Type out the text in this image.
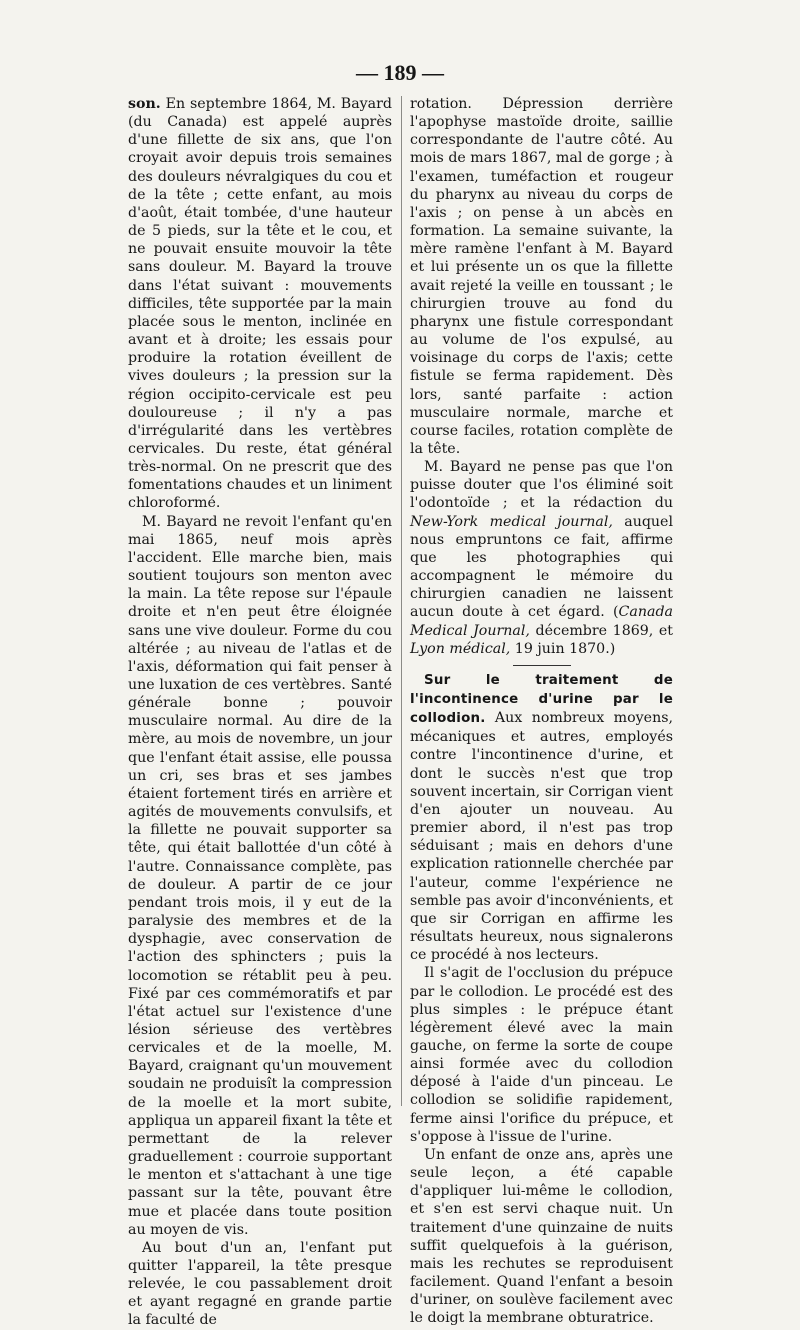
— 189 —

son. En septembre 1864, M. Bayard (du Canada) est appelé auprès d'une fillette de six ans, que l'on croyait avoir depuis trois semaines des douleurs névralgiques du cou et de la tête ; cette enfant, au mois d'août, était tombée, d'une hauteur de 5 pieds, sur la tête et le cou, et ne pouvait ensuite mouvoir la tête sans douleur. M. Bayard la trouve dans l'état suivant : mouvements difficiles, tête supportée par la main placée sous le menton, inclinée en avant et à droite; les essais pour produire la rotation éveillent de vives douleurs ; la pression sur la région occipito-cervicale est peu douloureuse ; il n'y a pas d'irrégularité dans les vertèbres cervicales. Du reste, état général très-normal. On ne prescrit que des fomentations chaudes et un liniment chloroformé.

M. Bayard ne revoit l'enfant qu'en mai 1865, neuf mois après l'accident. Elle marche bien, mais soutient toujours son menton avec la main. La tête repose sur l'épaule droite et n'en peut être éloignée sans une vive douleur. Forme du cou altérée ; au niveau de l'atlas et de l'axis, déformation qui fait penser à une luxation de ces vertèbres. Santé générale bonne ; pouvoir musculaire normal. Au dire de la mère, au mois de novembre, un jour que l'enfant était assise, elle poussa un cri, ses bras et ses jambes étaient fortement tirés en arrière et agités de mouvements convulsifs, et la fillette ne pouvait supporter sa tête, qui était ballottée d'un côté à l'autre. Connaissance complète, pas de douleur. A partir de ce jour pendant trois mois, il y eut de la paralysie des membres et de la dysphagie, avec conservation de l'action des sphincters ; puis la locomotion se rétablit peu à peu. Fixé par ces commémoratifs et par l'état actuel sur l'existence d'une lésion sérieuse des vertèbres cervicales et de la moelle, M. Bayard, craignant qu'un mouvement soudain ne produisît la compression de la moelle et la mort subite, appliqua un appareil fixant la tête et permettant de la relever graduellement : courroie supportant le menton et s'attachant à une tige passant sur la tête, pouvant être mue et placée dans toute position au moyen de vis.

Au bout d'un an, l'enfant put quitter l'appareil, la tête presque relevée, le cou passablement droit et ayant regagné en grande partie la faculté de

rotation. Dépression derrière l'apophyse mastoïde droite, saillie correspondante de l'autre côté. Au mois de mars 1867, mal de gorge ; à l'examen, tuméfaction et rougeur du pharynx au niveau du corps de l'axis ; on pense à un abcès en formation. La semaine suivante, la mère ramène l'enfant à M. Bayard et lui présente un os que la fillette avait rejeté la veille en toussant ; le chirurgien trouve au fond du pharynx une fistule correspondant au volume de l'os expulsé, au voisinage du corps de l'axis; cette fistule se ferma rapidement. Dès lors, santé parfaite : action musculaire normale, marche et course faciles, rotation complète de la tête.

M. Bayard ne pense pas que l'on puisse douter que l'os éliminé soit l'odontoïde ; et la rédaction du New-York medical journal, auquel nous empruntons ce fait, affirme que les photographies qui accompagnent le mémoire du chirurgien canadien ne laissent aucun doute à cet égard. (Canada Medical Journal, décembre 1869, et Lyon médical, 19 juin 1870.)

Sur le traitement de l'incontinence d'urine par le collodion. Aux nombreux moyens, mécaniques et autres, employés contre l'incontinence d'urine, et dont le succès n'est que trop souvent incertain, sir Corrigan vient d'en ajouter un nouveau. Au premier abord, il n'est pas trop séduisant ; mais en dehors d'une explication rationnelle cherchée par l'auteur, comme l'expérience ne semble pas avoir d'inconvénients, et que sir Corrigan en affirme les résultats heureux, nous signalerons ce procédé à nos lecteurs.

Il s'agit de l'occlusion du prépuce par le collodion. Le procédé est des plus simples : le prépuce étant légèrement élevé avec la main gauche, on ferme la sorte de coupe ainsi formée avec du collodion déposé à l'aide d'un pinceau. Le collodion se solidifie rapidement, ferme ainsi l'orifice du prépuce, et s'oppose à l'issue de l'urine.

Un enfant de onze ans, après une seule leçon, a été capable d'appliquer lui-même le collodion, et s'en est servi chaque nuit. Un traitement d'une quinzaine de nuits suffit quelquefois à la guérison, mais les rechutes se reproduisent facilement. Quand l'enfant a besoin d'uriner, on soulève facilement avec le doigt la membrane obturatrice.
